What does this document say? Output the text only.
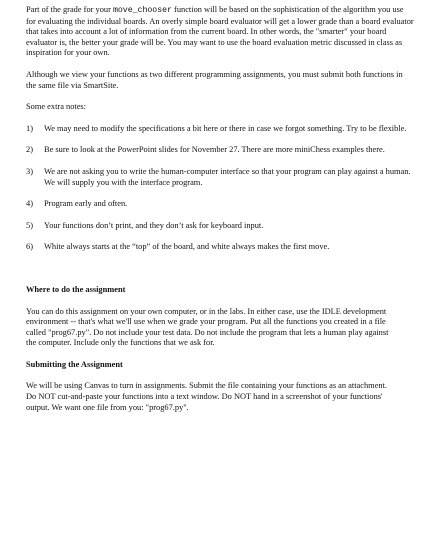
Part of the grade for your move_chooser function will be based on the sophistication of the algorithm you use for evaluating the individual boards. An overly simple board evaluator will get a lower grade than a board evaluator that takes into account a lot of information from the current board. In other words, the "smarter" your board evaluator is, the better your grade will be. You may want to use the board evaluation metric discussed in class as inspiration for your own.

Although we view your functions as two different programming assignments, you must submit both functions in the same file via SmartSite.

Some extra notes:

1)	We may need to modify the specifications a bit here or there in case we forgot something. Try to be flexible.
2)	Be sure to look at the PowerPoint slides for November 27. There are more miniChess examples there.
3)	We are not asking you to write the human-computer interface so that your program can play against a human. We will supply you with the interface program.
4)	Program early and often.
5)	Your functions don’t print, and they don’t ask for keyboard input.
6)	White always starts at the “top” of the board, and white always makes the first move.
Where to do the assignment

You can do this assignment on your own computer, or in the labs. In either case, use the IDLE development environment -- that's what we'll use when we grade your program. Put all the functions you created in a file called "prog67.py". Do not include your test data. Do not include the program that lets a human play against the computer. Include only the functions that we ask for.

Submitting the Assignment

We will be using Canvas to turn in assignments. Submit the file containing your functions as an attachment. Do NOT cut-and-paste your functions into a text window. Do NOT hand in a screenshot of your functions' output. We want one file from you: "prog67.py".
